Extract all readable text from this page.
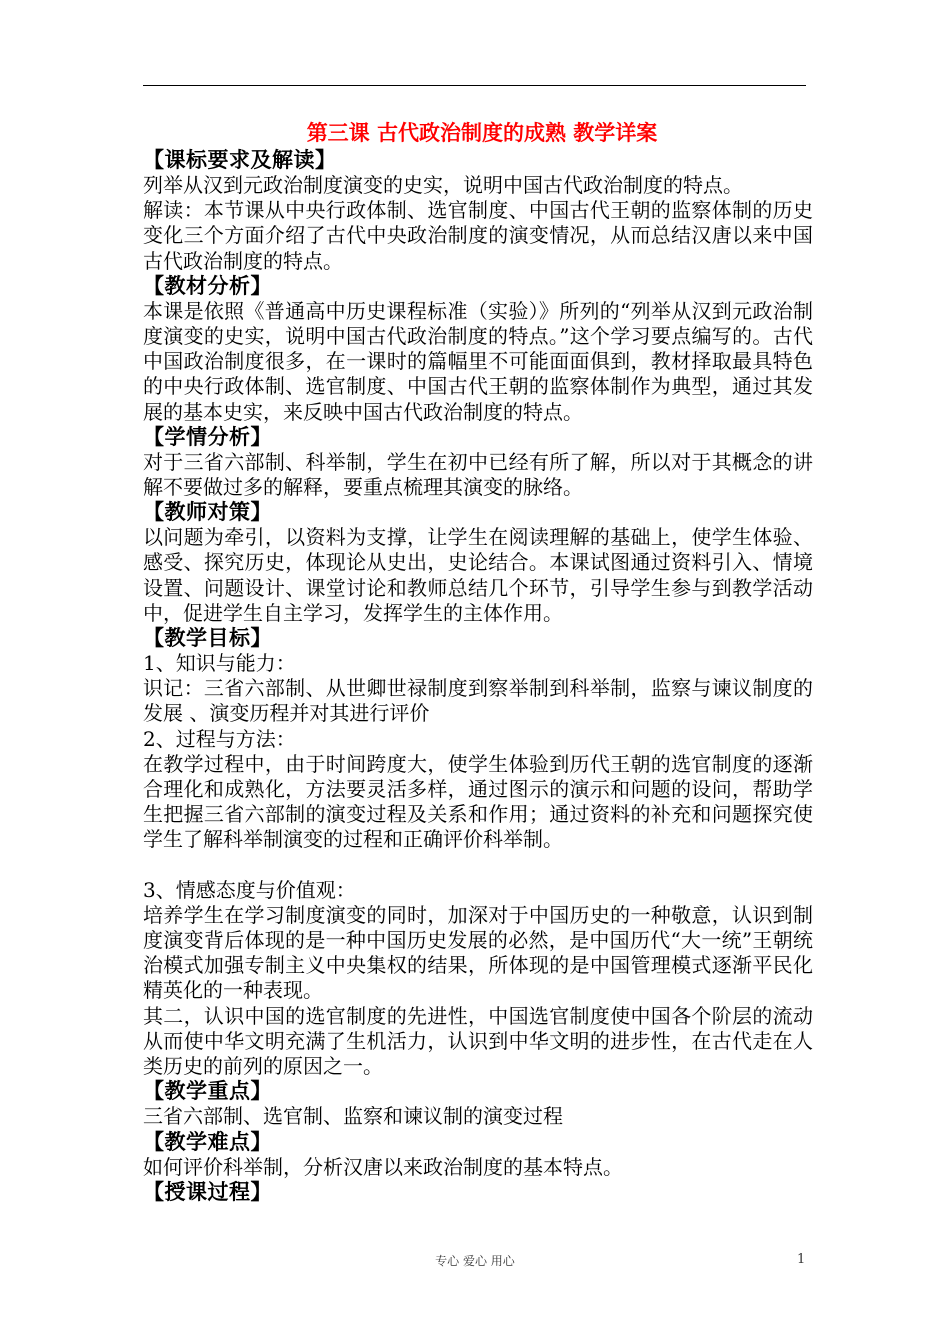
第三课 古代政治制度的成熟 教学详案
【课标要求及解读】

列举从汉到元政治制度演变的史实，说明中国古代政治制度的特点。

解读：本节课从中央行政体制、选官制度、中国古代王朝的监察体制的历史变化三个方面介绍了古代中央政治制度的演变情况，从而总结汉唐以来中国古代政治制度的特点。

【教材分析】

本课是依照《普通高中历史课程标准（实验）》所列的“列举从汉到元政治制度演变的史实，说明中国古代政治制度的特点。”这个学习要点编写的。古代中国政治制度很多，在一课时的篇幅里不可能面面俱到，教材择取最具特色的中央行政体制、选官制度、中国古代王朝的监察体制作为典型，通过其发展的基本史实，来反映中国古代政治制度的特点。

【学情分析】

对于三省六部制、科举制，学生在初中已经有所了解，所以对于其概念的讲解不要做过多的解释，要重点梳理其演变的脉络。

【教师对策】

以问题为牵引，以资料为支撑，让学生在阅读理解的基础上，使学生体验、感受、探究历史，体现论从史出，史论结合。本课试图通过资料引入、情境设置、问题设计、课堂讨论和教师总结几个环节，引导学生参与到教学活动中，促进学生自主学习，发挥学生的主体作用。

【教学目标】

1、知识与能力：

识记：三省六部制、从世卿世禄制度到察举制到科举制，监察与谏议制度的发展 、演变历程并对其进行评价

2、过程与方法：

在教学过程中，由于时间跨度大，使学生体验到历代王朝的选官制度的逐渐合理化和成熟化，方法要灵活多样，通过图示的演示和问题的设问，帮助学生把握三省六部制的演变过程及关系和作用；通过资料的补充和问题探究使学生了解科举制演变的过程和正确评价科举制。

3、情感态度与价值观：

培养学生在学习制度演变的同时，加深对于中国历史的一种敬意，认识到制度演变背后体现的是一种中国历史发展的必然，是中国历代“大一统”王朝统治模式加强专制主义中央集权的结果，所体现的是中国管理模式逐渐平民化精英化的一种表现。

其二，认识中国的选官制度的先进性，中国选官制度使中国各个阶层的流动从而使中华文明充满了生机活力，认识到中华文明的进步性，在古代走在人类历史的前列的原因之一。

【教学重点】

三省六部制、选官制、监察和谏议制的演变过程

【教学难点】

如何评价科举制，分析汉唐以来政治制度的基本特点。

【授课过程】
专心 爱心 用心	1
